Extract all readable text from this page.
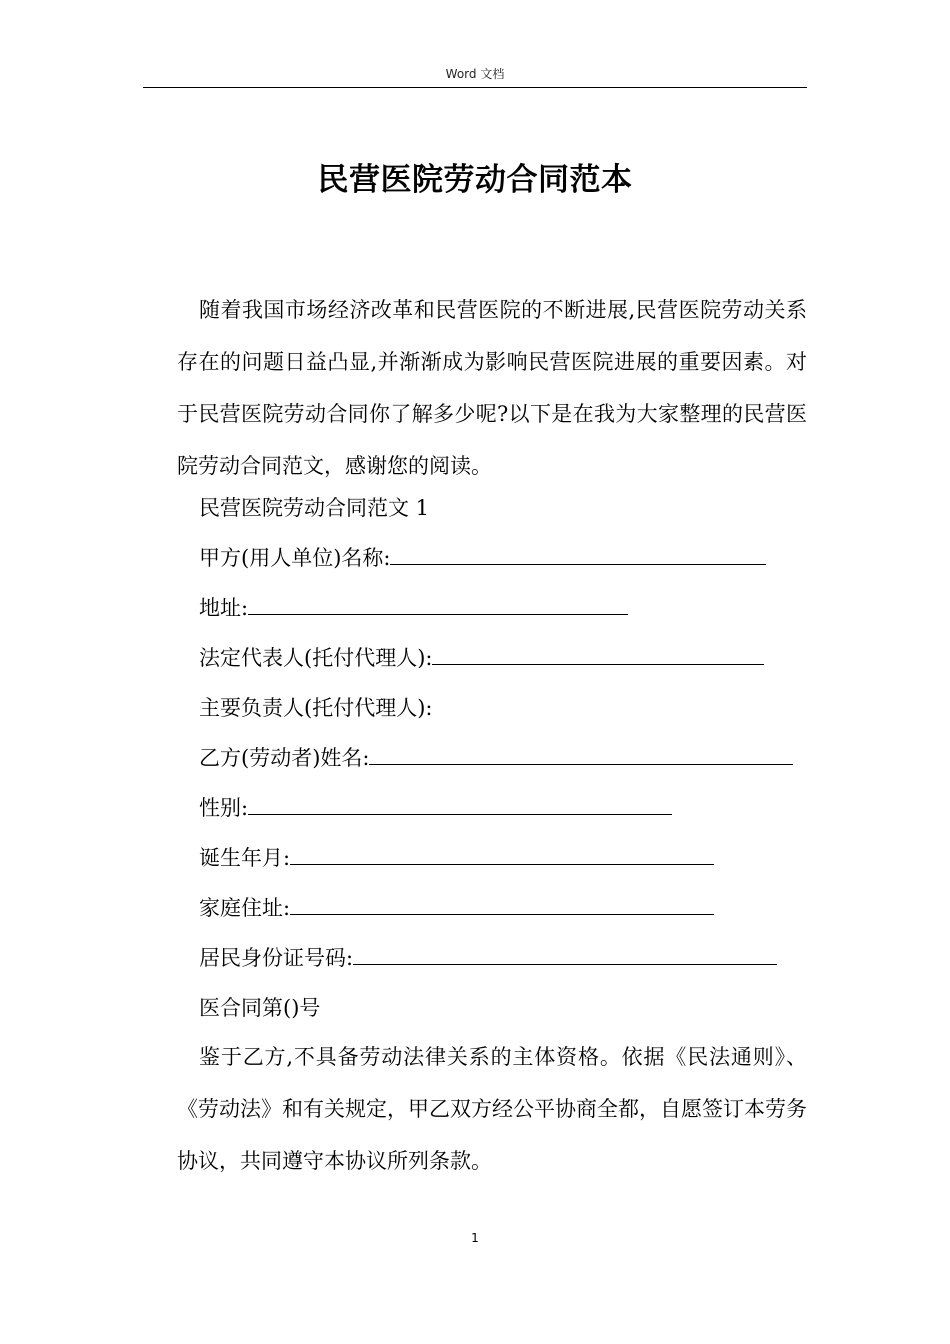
Word 文档
民营医院劳动合同范本
随着我国市场经济改革和民营医院的不断进展,民营医院劳动关系存在的问题日益凸显,并渐渐成为影响民营医院进展的重要因素。对于民营医院劳动合同你了解多少呢?以下是在我为大家整理的民营医院劳动合同范文，感谢您的阅读。
民营医院劳动合同范文 1
甲方(用人单位)名称:
地址:
法定代表人(托付代理人):
主要负责人(托付代理人):
乙方(劳动者)姓名:
性别:
诞生年月:
家庭住址:
居民身份证号码:
医合同第()号
鉴于乙方,不具备劳动法律关系的主体资格。依据《民法通则》、《劳动法》和有关规定，甲乙双方经公平协商全都，自愿签订本劳务协议，共同遵守本协议所列条款。
1
